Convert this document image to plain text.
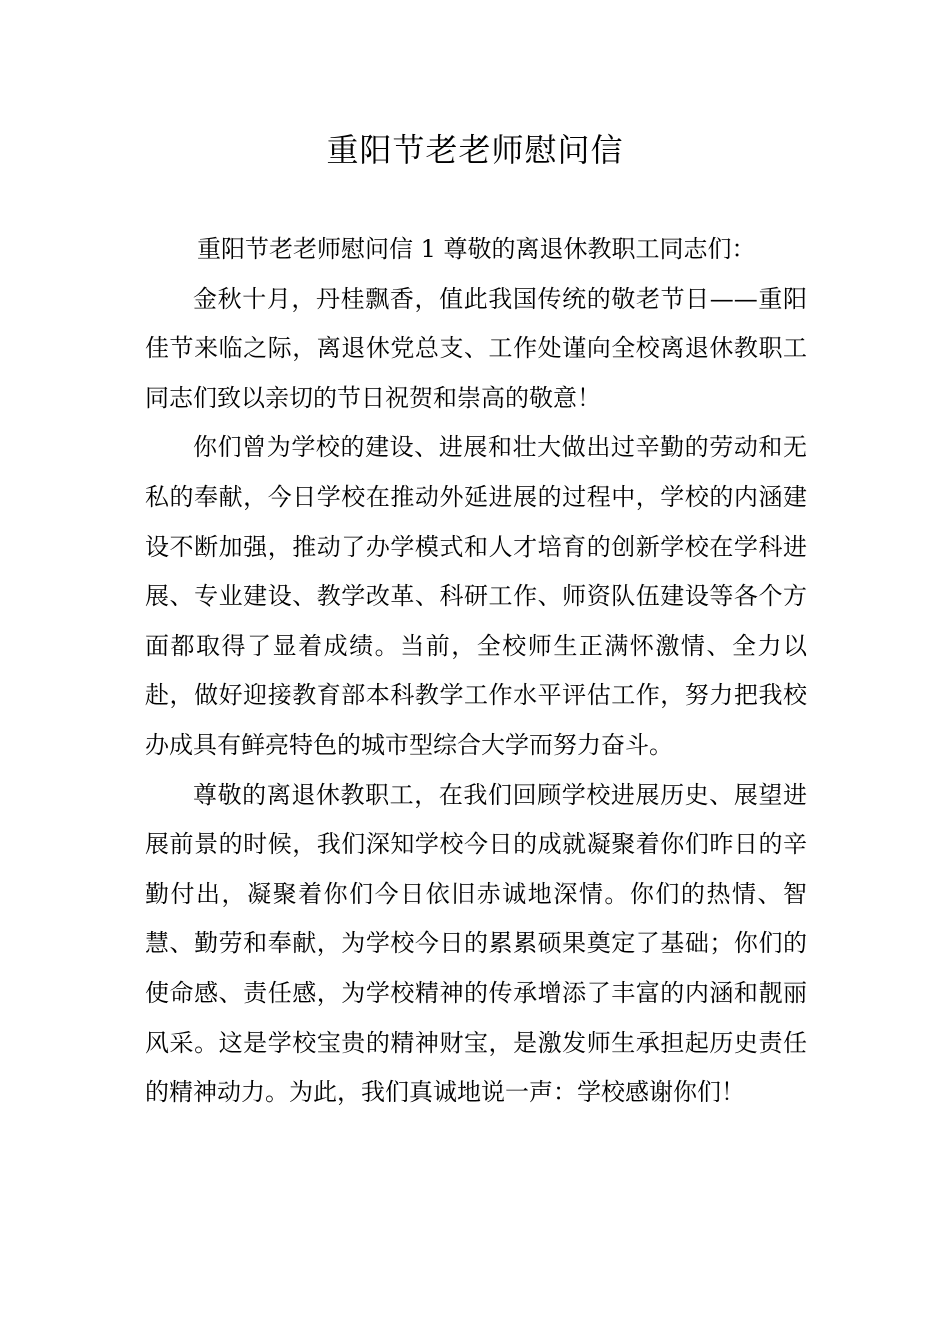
重阳节老老师慰问信

重阳节老老师慰问信 1 尊敬的离退休教职工同志们：

金秋十月，丹桂飘香，值此我国传统的敬老节日——重阳佳节来临之际，离退休党总支、工作处谨向全校离退休教职工同志们致以亲切的节日祝贺和崇高的敬意！

你们曾为学校的建设、进展和壮大做出过辛勤的劳动和无私的奉献，今日学校在推动外延进展的过程中，学校的内涵建设不断加强，推动了办学模式和人才培育的创新学校在学科进展、专业建设、教学改革、科研工作、师资队伍建设等各个方面都取得了显着成绩。当前，全校师生正满怀激情、全力以赴，做好迎接教育部本科教学工作水平评估工作，努力把我校办成具有鲜亮特色的城市型综合大学而努力奋斗。

尊敬的离退休教职工，在我们回顾学校进展历史、展望进展前景的时候，我们深知学校今日的成就凝聚着你们昨日的辛勤付出，凝聚着你们今日依旧赤诚地深情。你们的热情、智慧、勤劳和奉献，为学校今日的累累硕果奠定了基础；你们的使命感、责任感，为学校精神的传承增添了丰富的内涵和靓丽风采。这是学校宝贵的精神财宝，是激发师生承担起历史责任的精神动力。为此，我们真诚地说一声：学校感谢你们！
